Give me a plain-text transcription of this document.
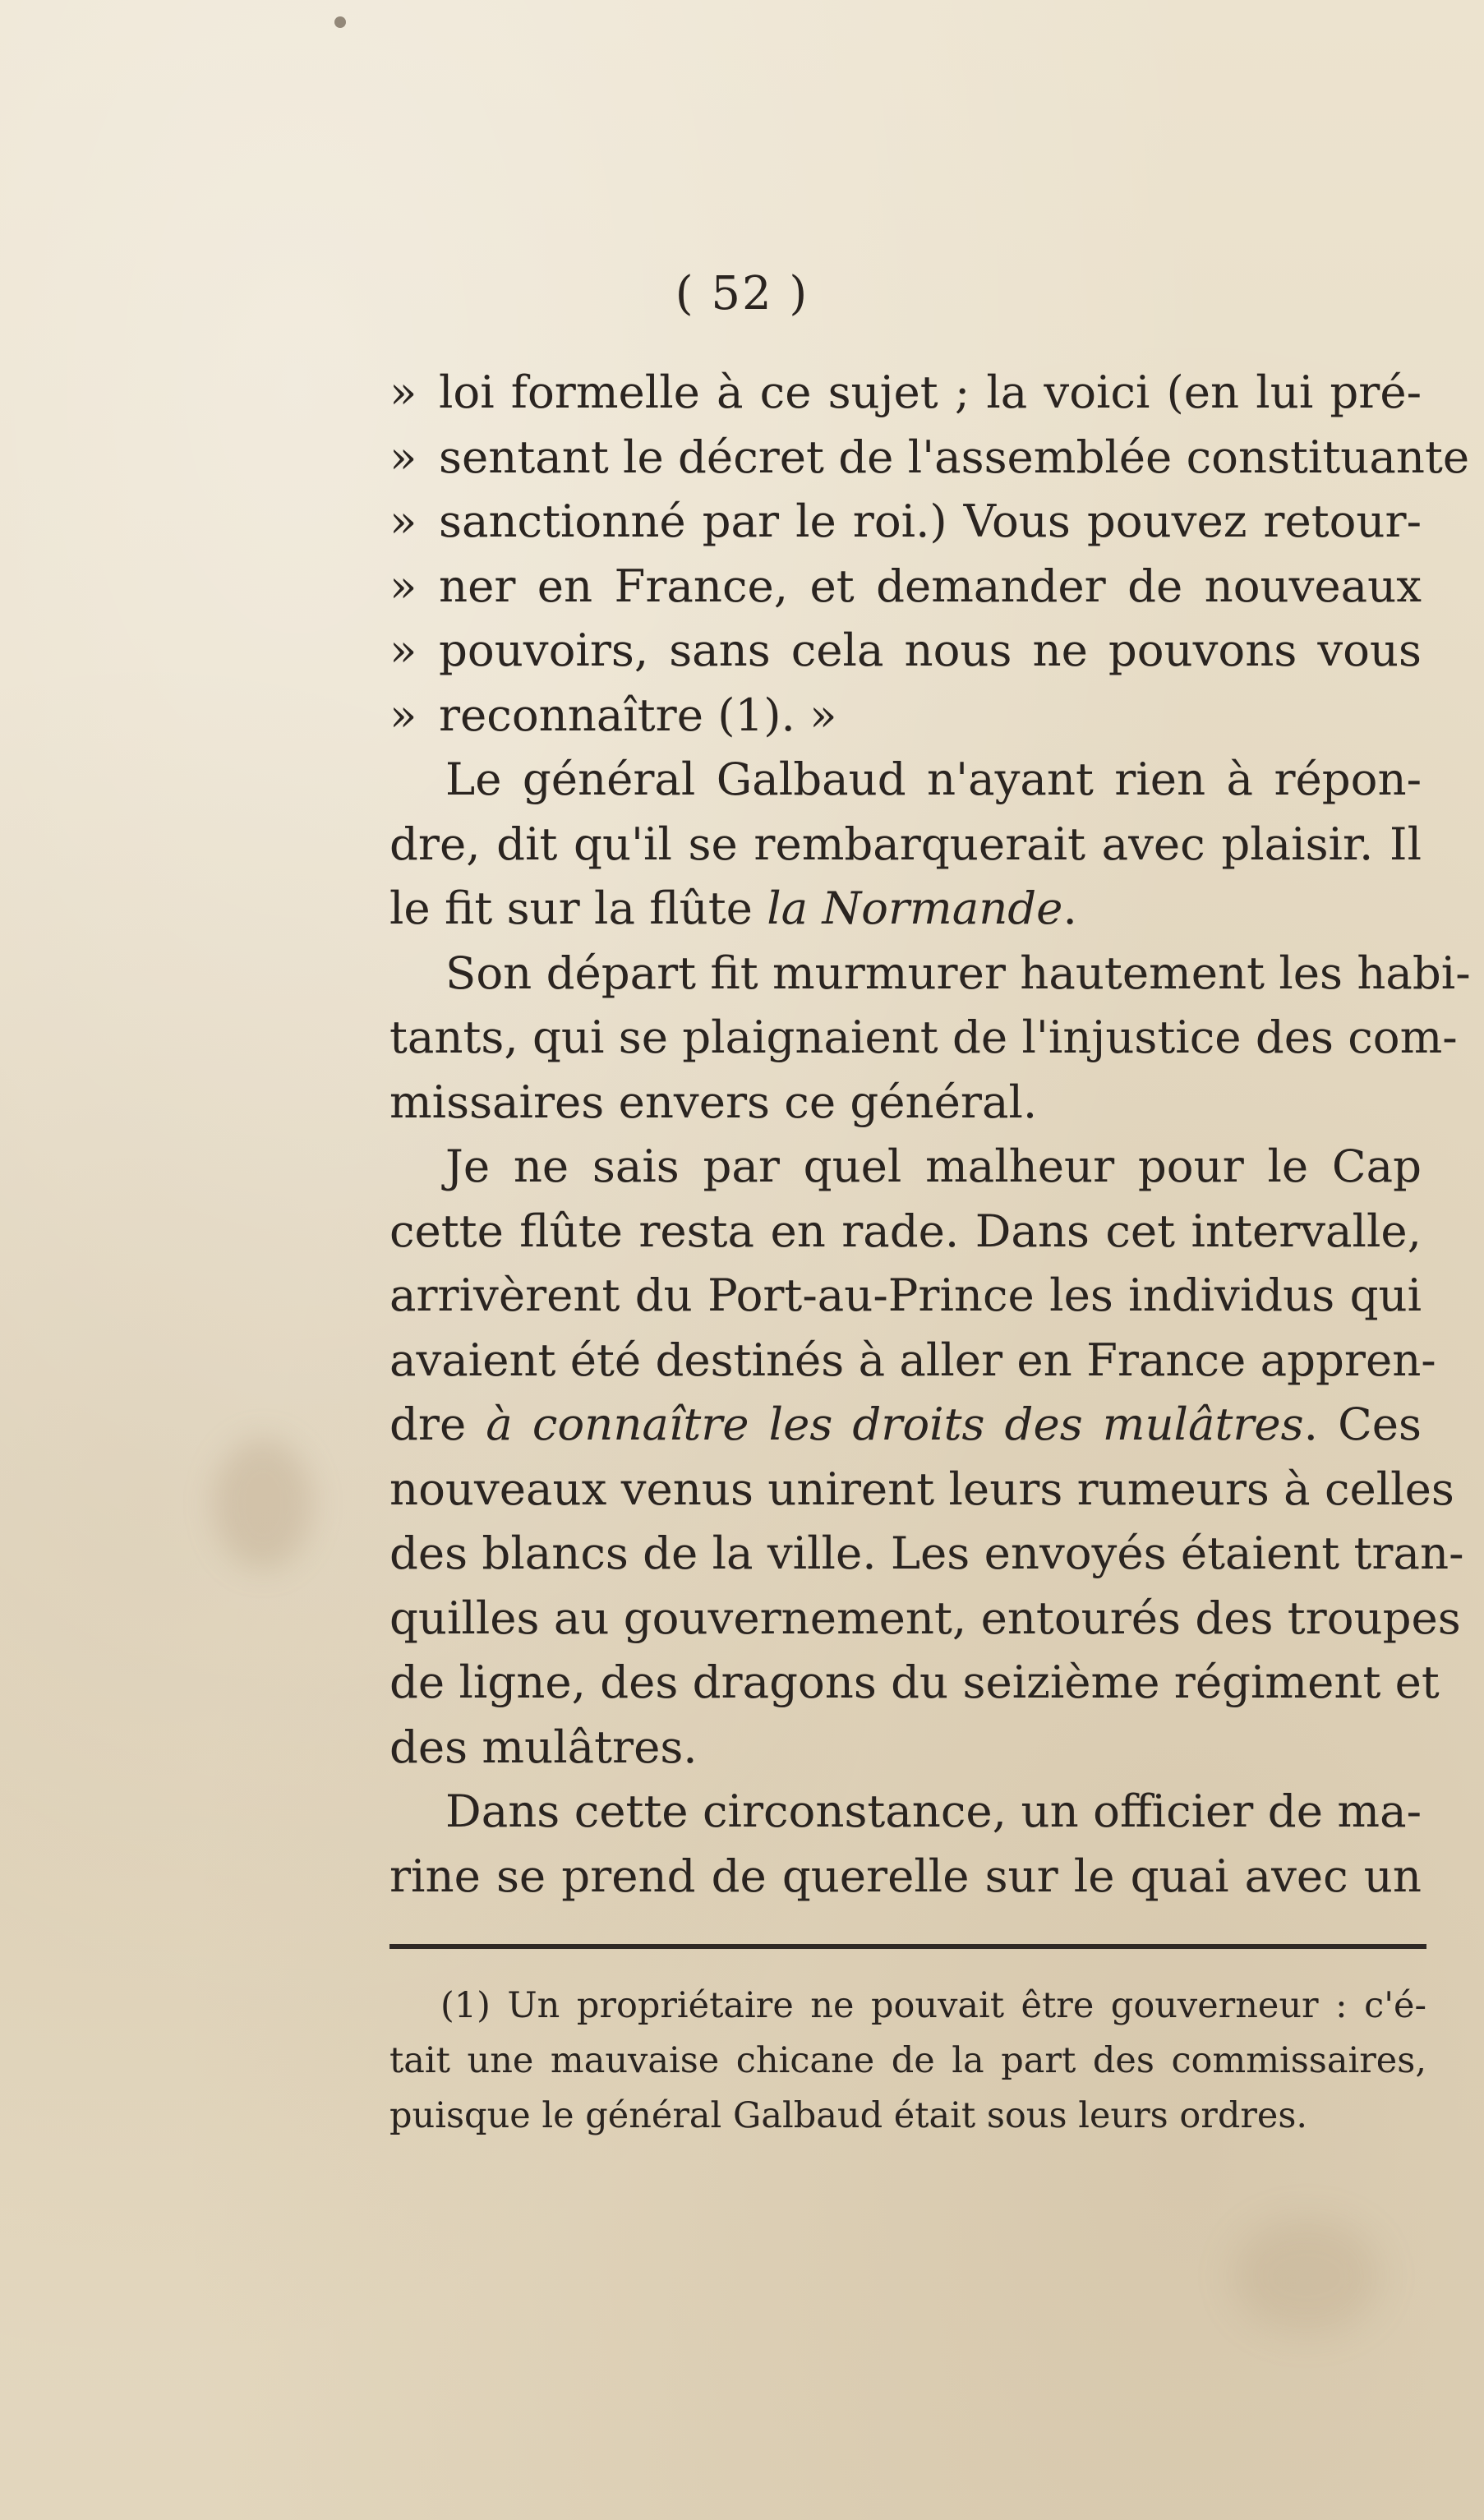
( 52 )
» loi formelle à ce sujet ; la voici (en lui pré-
» sentant le décret de l'assemblée constituante
» sanctionné par le roi.) Vous pouvez retour-
» ner en France, et demander de nouveaux
» pouvoirs, sans cela nous ne pouvons vous
» reconnaître (1). »
Le général Galbaud n'ayant rien à répon-
dre, dit qu'il se rembarquerait avec plaisir. Il
le fit sur la flûte la Normande.
Son départ fit murmurer hautement les habi-
tants, qui se plaignaient de l'injustice des com-
missaires envers ce général.
Je ne sais par quel malheur pour le Cap
cette flûte resta en rade. Dans cet intervalle,
arrivèrent du Port-au-Prince les individus qui
avaient été destinés à aller en France appren-
dre à connaître les droits des mulâtres. Ces
nouveaux venus unirent leurs rumeurs à celles
des blancs de la ville. Les envoyés étaient tran-
quilles au gouvernement, entourés des troupes
de ligne, des dragons du seizième régiment et
des mulâtres.
Dans cette circonstance, un officier de ma-
rine se prend de querelle sur le quai avec un
(1) Un propriétaire ne pouvait être gouverneur : c'é-
tait une mauvaise chicane de la part des commissaires,
puisque le général Galbaud était sous leurs ordres.
